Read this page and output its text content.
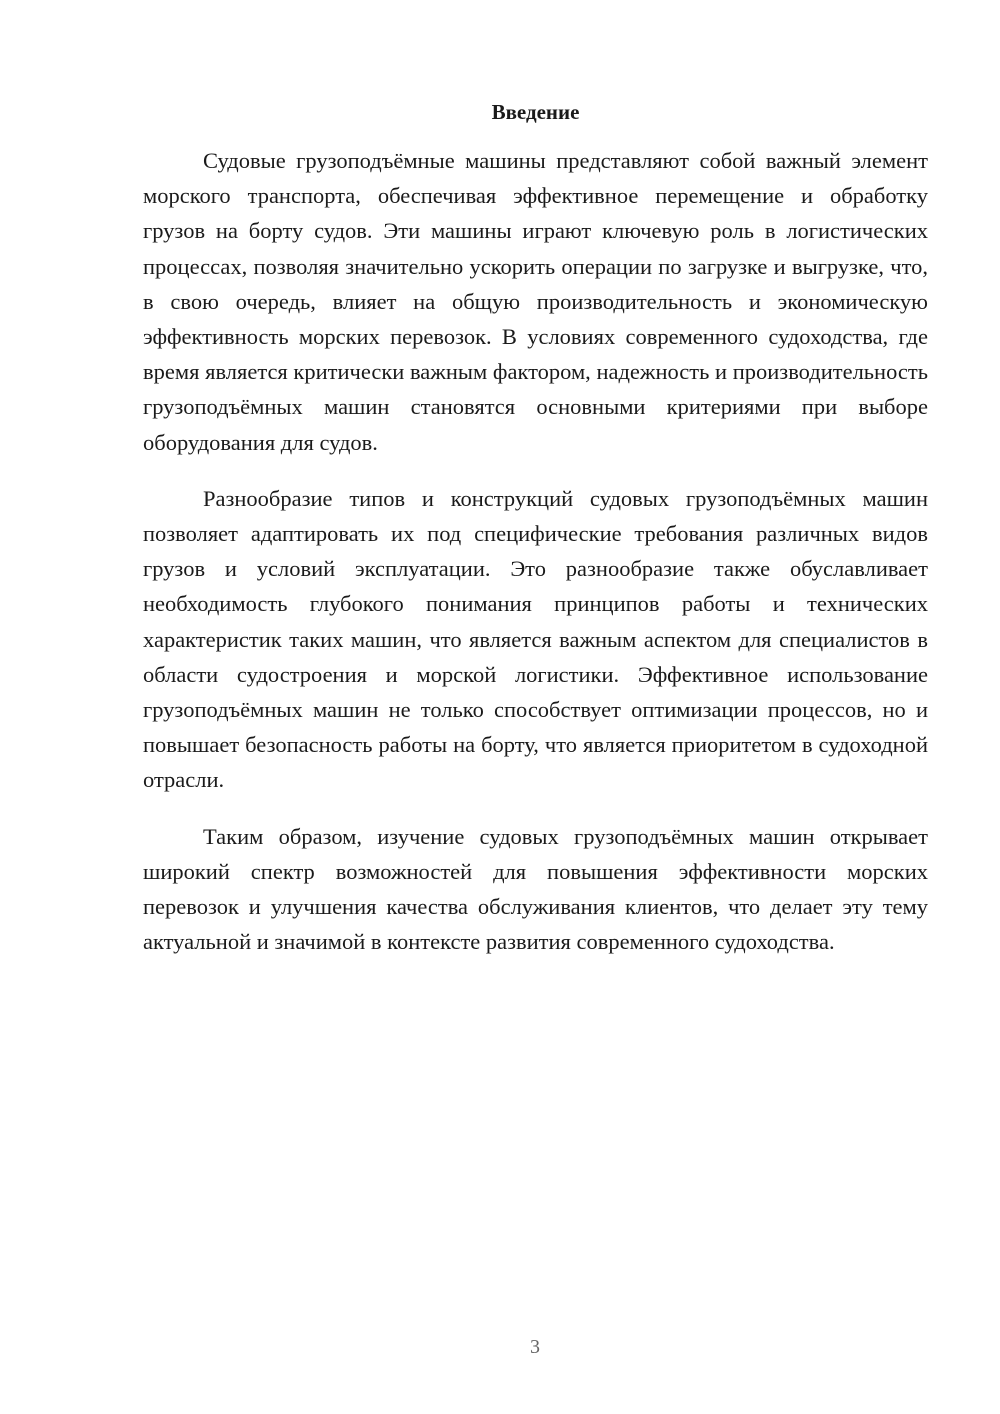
Введение

Судовые грузоподъёмные машины представляют собой важный элемент морского транспорта, обеспечивая эффективное перемещение и обработку грузов на борту судов. Эти машины играют ключевую роль в логистических процессах, позволяя значительно ускорить операции по загрузке и выгрузке, что, в свою очередь, влияет на общую производительность и экономическую эффективность морских перевозок. В условиях современного судоходства, где время является критически важным фактором, надежность и производительность грузоподъёмных машин становятся основными критериями при выборе оборудования для судов.

Разнообразие типов и конструкций судовых грузоподъёмных машин позволяет адаптировать их под специфические требования различных видов грузов и условий эксплуатации. Это разнообразие также обуславливает необходимость глубокого понимания принципов работы и технических характеристик таких машин, что является важным аспектом для специалистов в области судостроения и морской логистики. Эффективное использование грузоподъёмных машин не только способствует оптимизации процессов, но и повышает безопасность работы на борту, что является приоритетом в судоходной отрасли.

Таким образом, изучение судовых грузоподъёмных машин открывает широкий спектр возможностей для повышения эффективности морских перевозок и улучшения качества обслуживания клиентов, что делает эту тему актуальной и значимой в контексте развития современного судоходства.

3
